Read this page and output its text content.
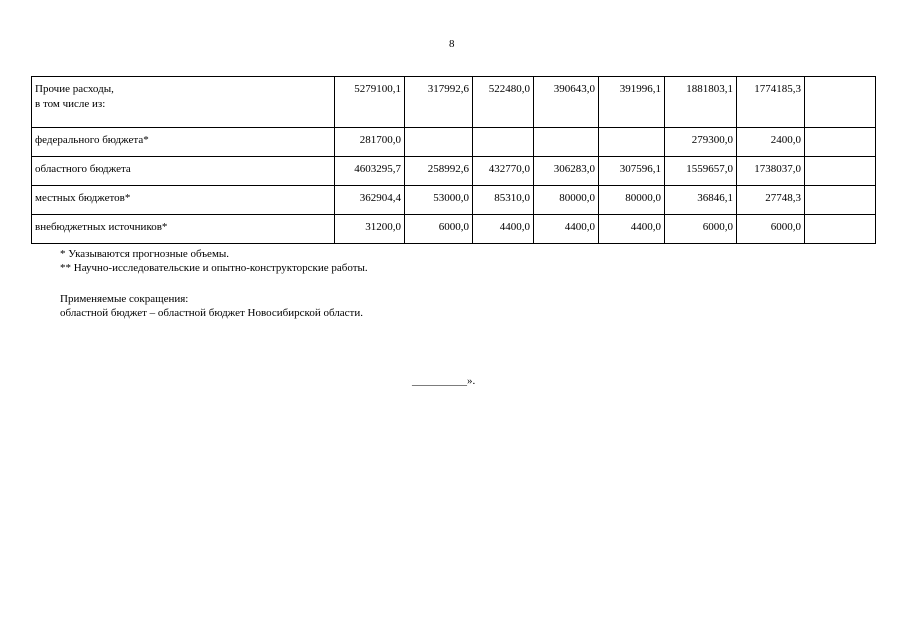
8
Прочие расходы,
в том числе из:	5279100,1	317992,6	522480,0	390643,0	391996,1	1881803,1	1774185,3	

федерального бюджета*	281700,0					279300,0	2400,0	

областного бюджета	4603295,7	258992,6	432770,0	306283,0	307596,1	1559657,0	1738037,0	

местных бюджетов*	362904,4	53000,0	85310,0	80000,0	80000,0	36846,1	27748,3	

внебюджетных источников*	31200,0	6000,0	4400,0	4400,0	4400,0	6000,0	6000,0	

* Указываются прогнозные объемы.

** Научно-исследовательские и опытно-конструкторские работы.

Применяемые сокращения:

областной бюджет – областной бюджет Новосибирской области.

__________».
